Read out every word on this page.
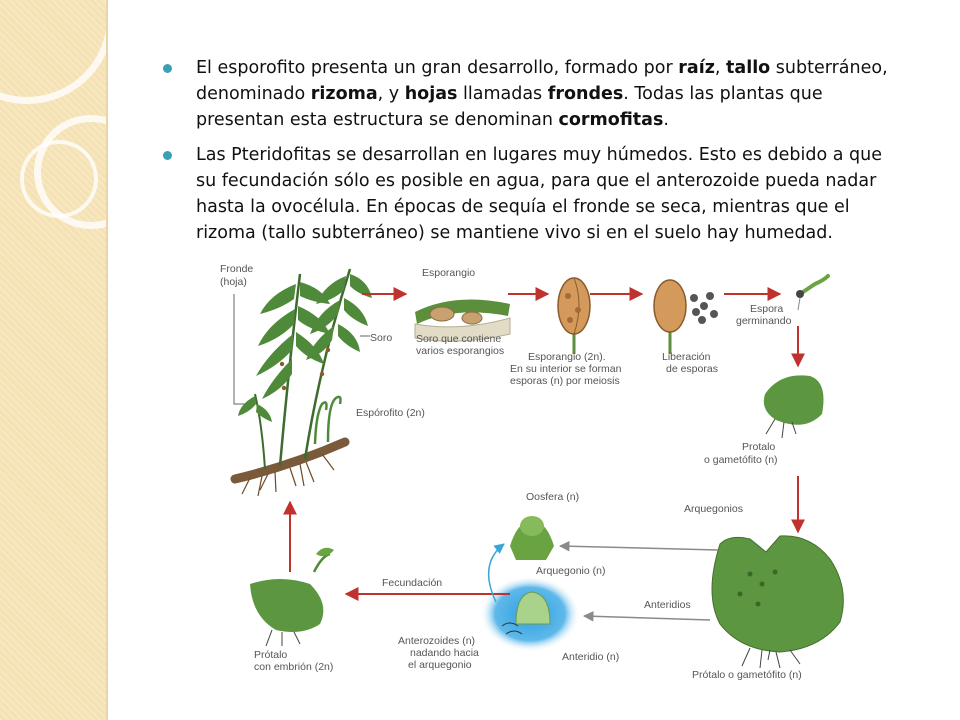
El esporofito presenta un gran desarrollo, formado por raíz, tallo subterráneo, denominado rizoma, y hojas llamadas frondes. Todas las plantas que presentan esta estructura se denominan cormofitas.
Las Pteridofitas se desarrollan en lugares muy húmedos. Esto es debido a que su fecundación sólo es posible en agua, para que el anterozoide pueda nadar hasta la ovocélula. En épocas de sequía el fronde se seca, mientras que el rizoma (tallo subterráneo) se mantiene vivo si en el suelo hay humedad.
Fronde
(hoja)
Soro
Espórofito (2n)
Esporangio
Soro que contiene
varios esporangios Esporangio (2n).
En su interior se forman
esporas (n) por meiosis
Liberación
de esporas
Espora
germinando
Protalo
o gametófito (n)
Oosfera (n)
Arquegonios
Arquegonio (n)
Fecundación
Anteridios
Anterozoides (n)
nadando hacia
el arquegonio
Anteridio (n)
Prótalo
con embrión (2n)
Prótalo o gametófito (n)
